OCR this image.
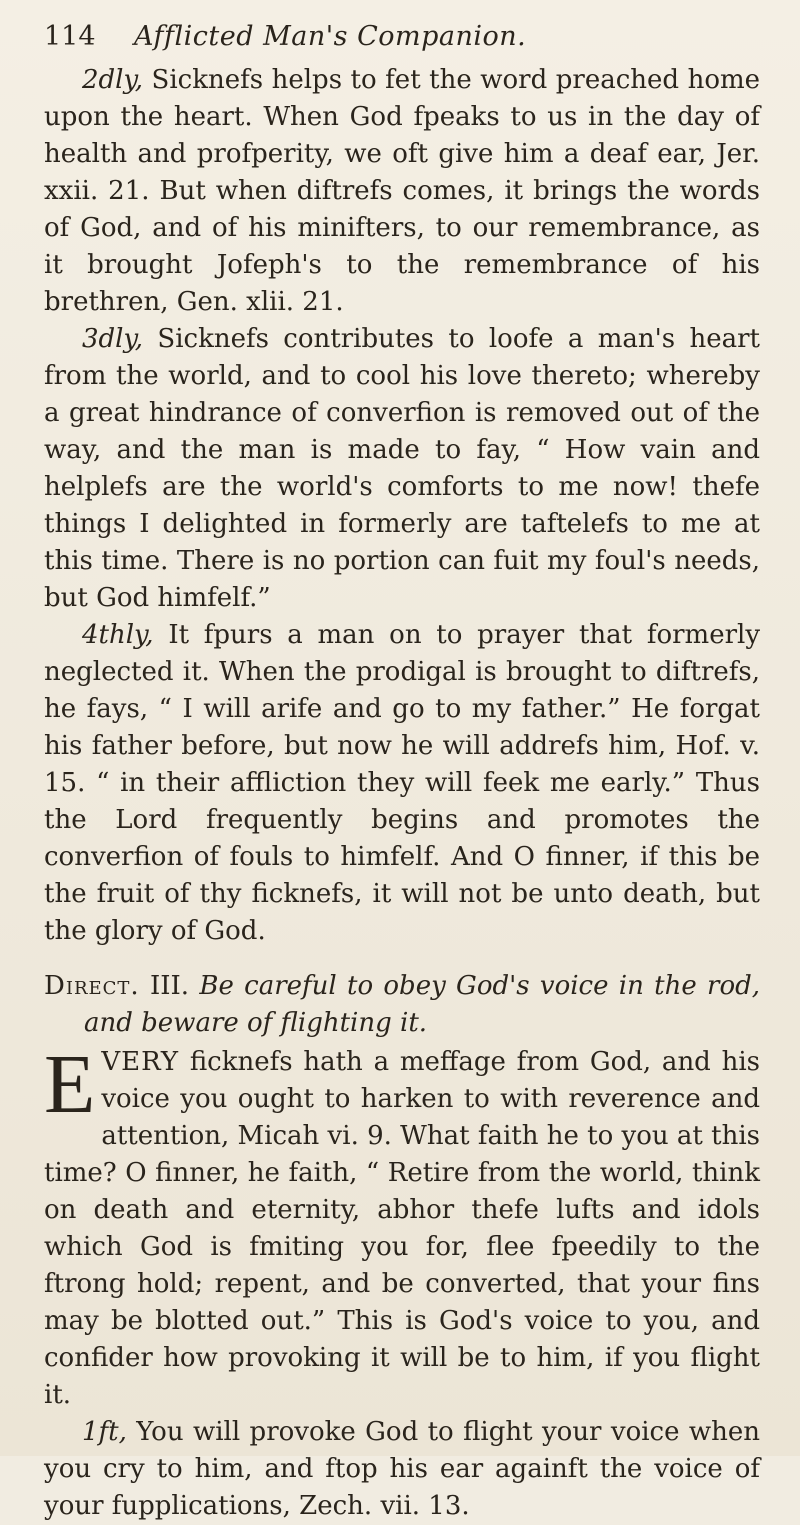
114	Afflicted Man's Companion.

2dly, Sicknefs helps to fet the word preached home upon the heart. When God fpeaks to us in the day of health and profperity, we oft give him a deaf ear, Jer. xxii. 21. But when diftrefs comes, it brings the words of God, and of his minifters, to our remembrance, as it brought Jofeph's to the remembrance of his brethren, Gen. xlii. 21.

3dly, Sicknefs contributes to loofe a man's heart from the world, and to cool his love thereto; whereby a great hindrance of converfion is removed out of the way, and the man is made to fay, “ How vain and helplefs are the world's comforts to me now! thefe things I delighted in formerly are taftelefs to me at this time. There is no portion can fuit my foul's needs, but God himfelf.”

4thly, It fpurs a man on to prayer that formerly neglected it. When the prodigal is brought to diftrefs, he fays, “ I will arife and go to my father.” He forgat his father before, but now he will addrefs him, Hof. v. 15. “ in their affliction they will feek me early.” Thus the Lord frequently begins and promotes the converfion of fouls to himfelf. And O finner, if this be the fruit of thy ficknefs, it will not be unto death, but the glory of God.

Direct. III. Be careful to obey God's voice in the rod, and beware of flighting it.

EVERY ficknefs hath a meffage from God, and his voice you ought to harken to with reverence and attention, Micah vi. 9. What faith he to you at this time? O finner, he faith, “ Retire from the world, think on death and eternity, abhor thefe lufts and idols which God is fmiting you for, flee fpeedily to the ftrong hold; repent, and be converted, that your fins may be blotted out.” This is God's voice to you, and confider how provoking it will be to him, if you flight it.

1ft, You will provoke God to flight your voice when you cry to him, and ftop his ear againft the voice of your fupplications, Zech. vii. 13.
